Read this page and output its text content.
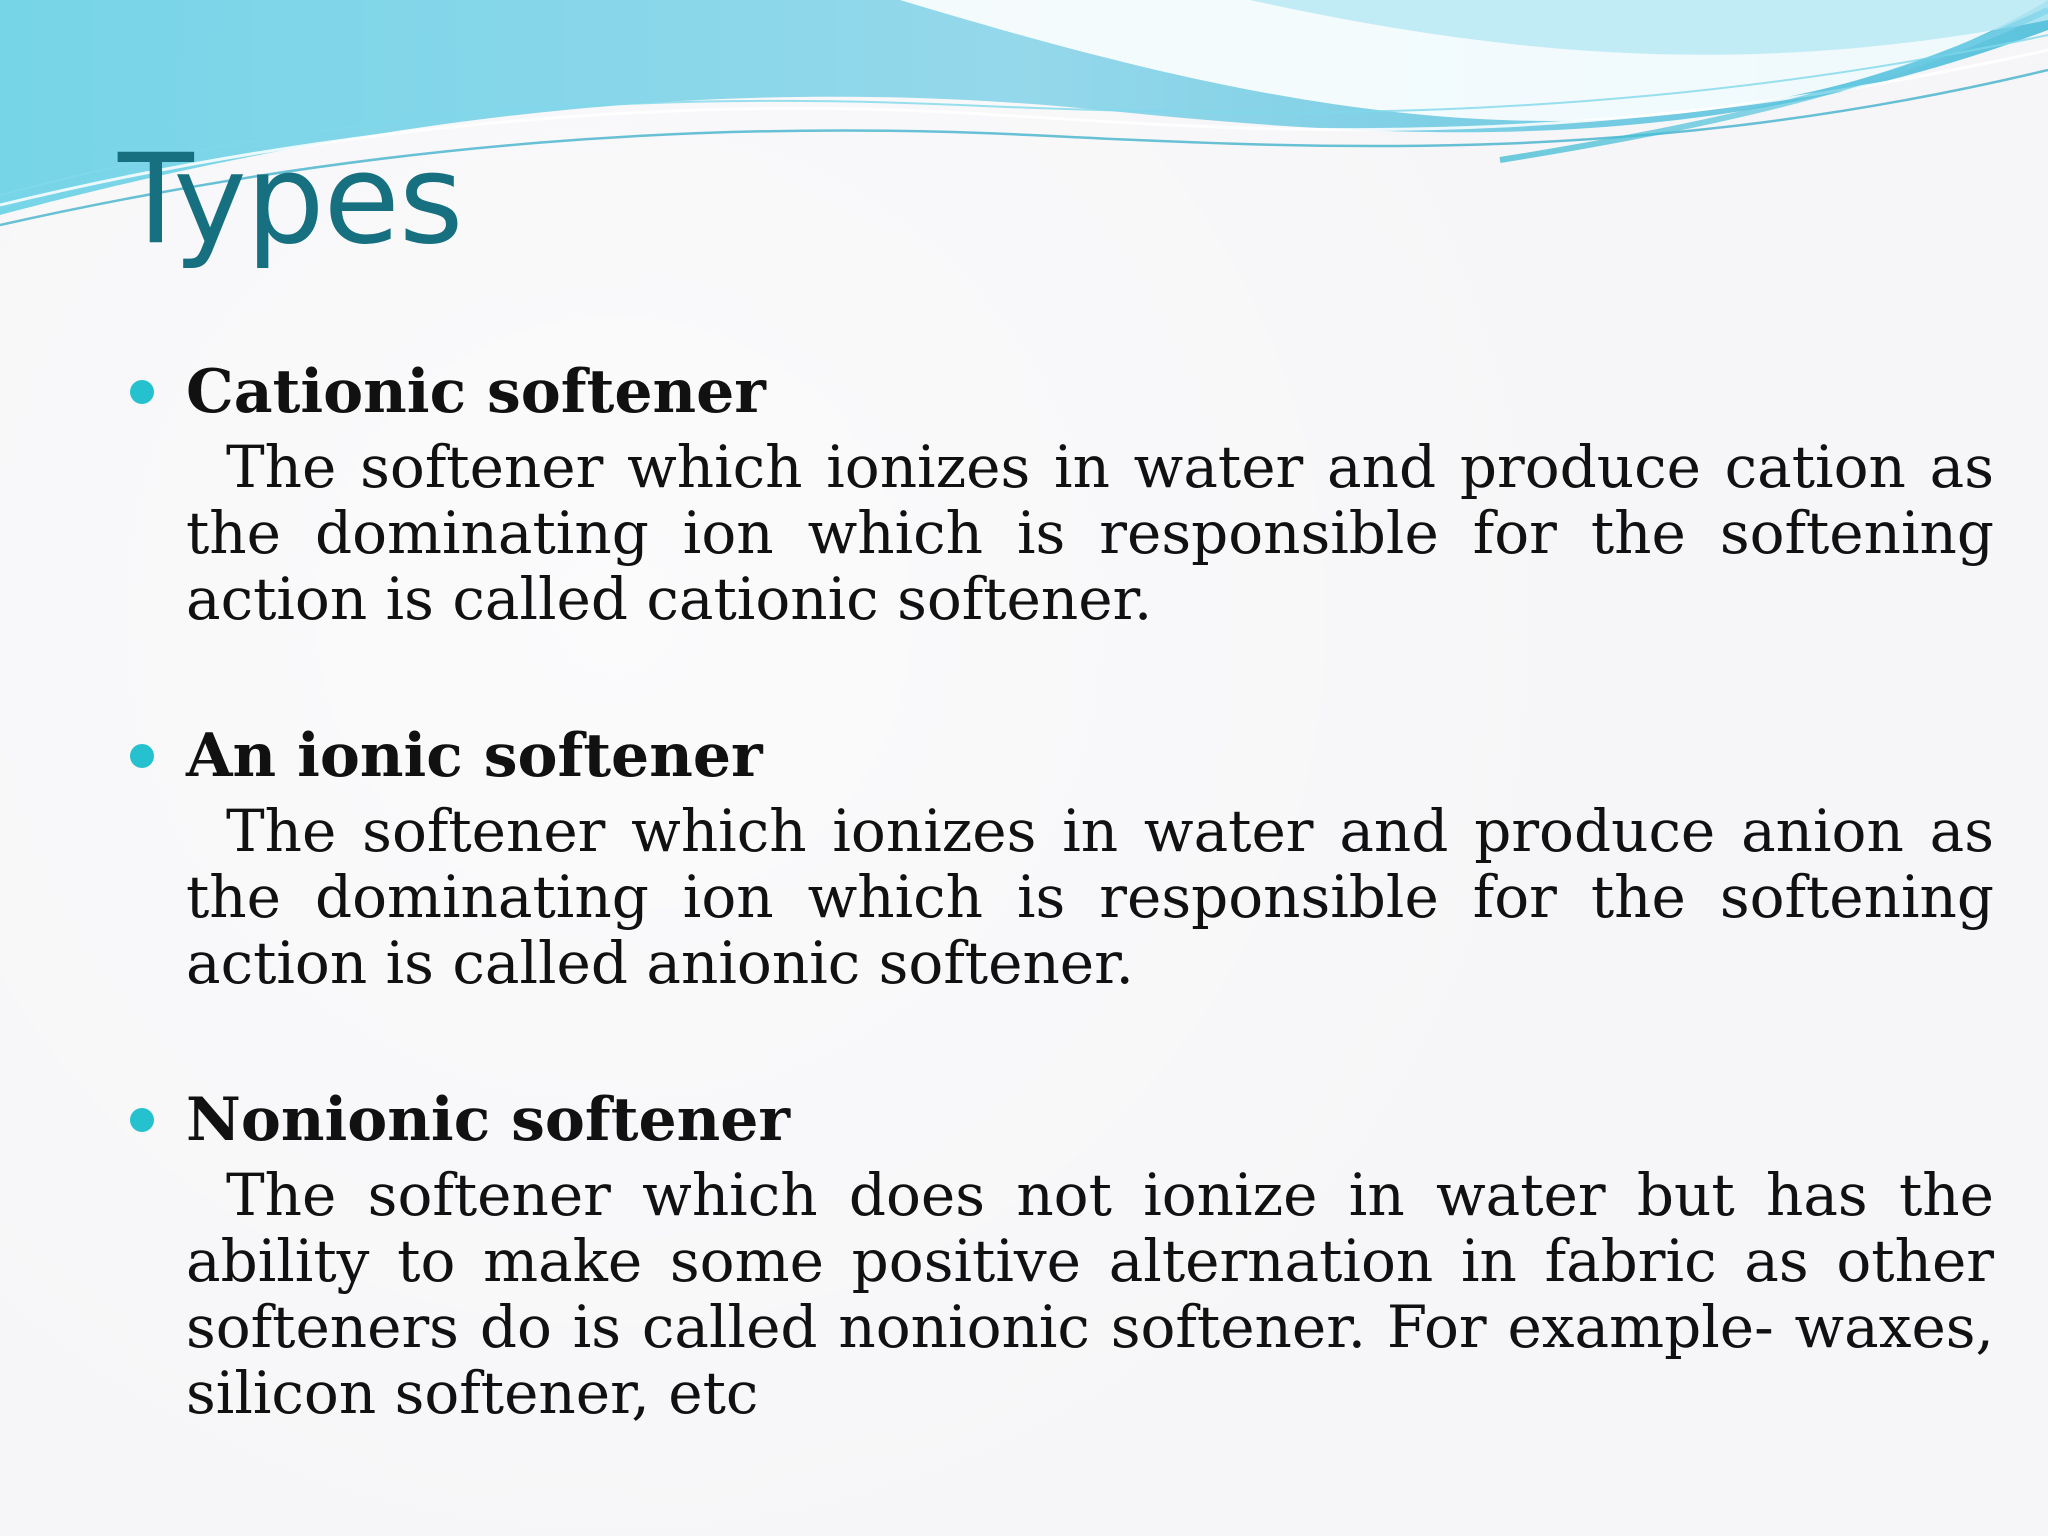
Types
Cationic softener

The softener which ionizes in water and produce cation as the dominating ion which is responsible for the softening action is called cationic softener.

An ionic softener

The softener which ionizes in water and produce anion as the dominating ion which is responsible for the softening action is called anionic softener.

Nonionic softener

The softener which does not ionize in water but has the ability to make some positive alternation in fabric as other softeners do is called nonionic softener. For example- waxes, silicon softener, etc
